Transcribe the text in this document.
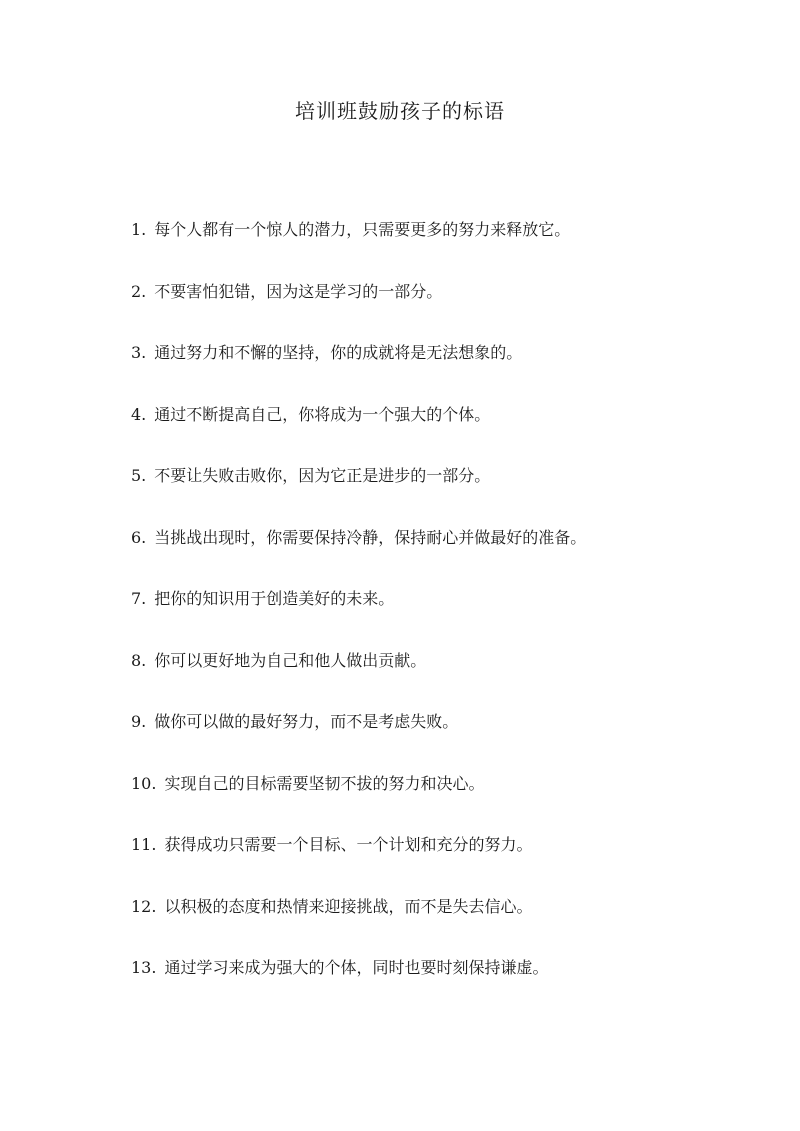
培训班鼓励孩子的标语
1. 每个人都有一个惊人的潜力，只需要更多的努力来释放它。
2. 不要害怕犯错，因为这是学习的一部分。
3. 通过努力和不懈的坚持，你的成就将是无法想象的。
4. 通过不断提高自己，你将成为一个强大的个体。
5. 不要让失败击败你，因为它正是进步的一部分。
6. 当挑战出现时，你需要保持冷静，保持耐心并做最好的准备。
7. 把你的知识用于创造美好的未来。
8. 你可以更好地为自己和他人做出贡献。
9. 做你可以做的最好努力，而不是考虑失败。
10. 实现自己的目标需要坚韧不拔的努力和决心。
11. 获得成功只需要一个目标、一个计划和充分的努力。
12. 以积极的态度和热情来迎接挑战，而不是失去信心。
13. 通过学习来成为强大的个体，同时也要时刻保持谦虚。
